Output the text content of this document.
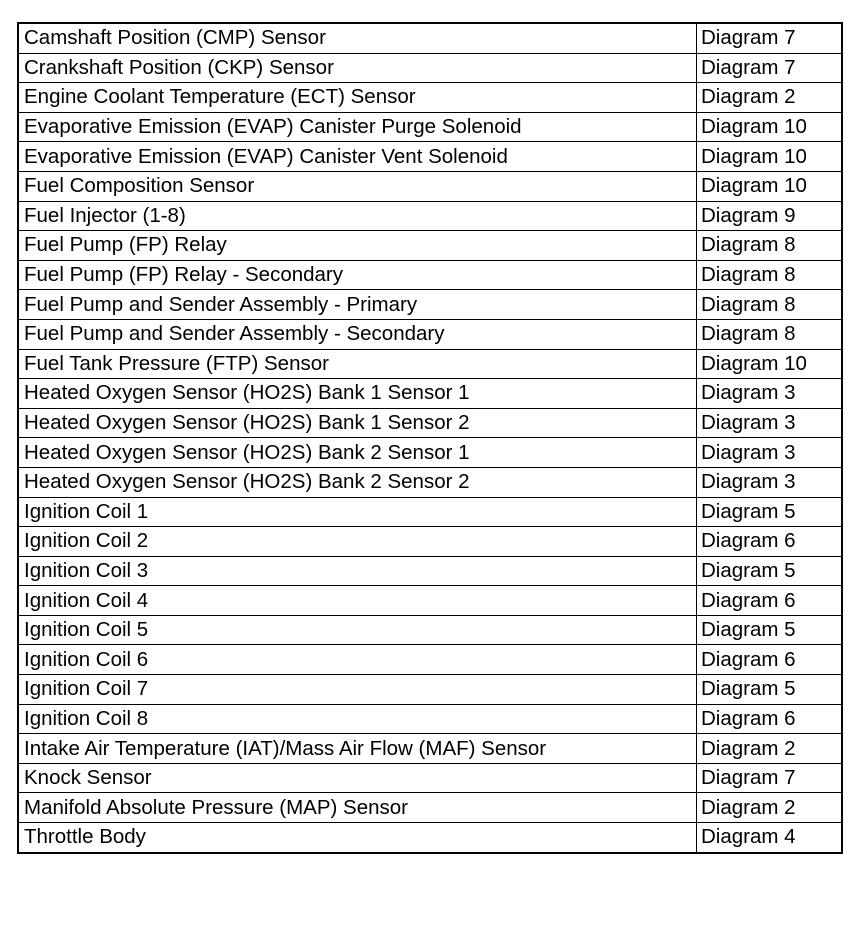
Camshaft Position (CMP) Sensor	Diagram 7
Crankshaft Position (CKP) Sensor	Diagram 7
Engine Coolant Temperature (ECT) Sensor	Diagram 2
Evaporative Emission (EVAP) Canister Purge Solenoid	Diagram 10
Evaporative Emission (EVAP) Canister Vent Solenoid	Diagram 10
Fuel Composition Sensor	Diagram 10
Fuel Injector (1-8)	Diagram 9
Fuel Pump (FP) Relay	Diagram 8
Fuel Pump (FP) Relay - Secondary	Diagram 8
Fuel Pump and Sender Assembly - Primary	Diagram 8
Fuel Pump and Sender Assembly - Secondary	Diagram 8
Fuel Tank Pressure (FTP) Sensor	Diagram 10
Heated Oxygen Sensor (HO2S) Bank 1 Sensor 1	Diagram 3
Heated Oxygen Sensor (HO2S) Bank 1 Sensor 2	Diagram 3
Heated Oxygen Sensor (HO2S) Bank 2 Sensor 1	Diagram 3
Heated Oxygen Sensor (HO2S) Bank 2 Sensor 2	Diagram 3
Ignition Coil 1	Diagram 5
Ignition Coil 2	Diagram 6
Ignition Coil 3	Diagram 5
Ignition Coil 4	Diagram 6
Ignition Coil 5	Diagram 5
Ignition Coil 6	Diagram 6
Ignition Coil 7	Diagram 5
Ignition Coil 8	Diagram 6
Intake Air Temperature (IAT)/Mass Air Flow (MAF) Sensor	Diagram 2
Knock Sensor	Diagram 7
Manifold Absolute Pressure (MAP) Sensor	Diagram 2
Throttle Body	Diagram 4
